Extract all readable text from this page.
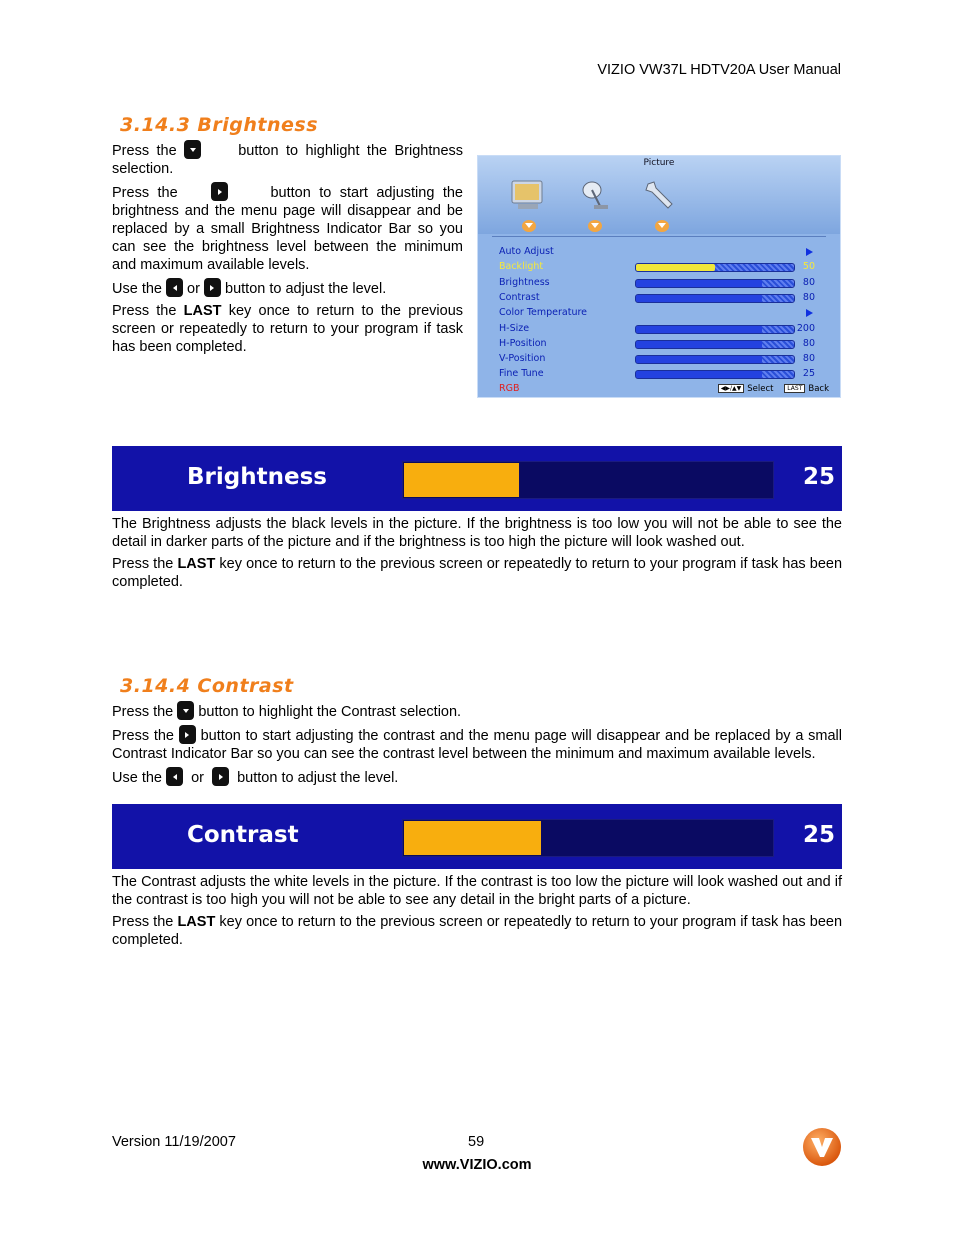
VIZIO VW37L HDTV20A User Manual
3.14.3 Brightness

Press the	button to highlight the Brightness selection.

Press the	button to start adjusting the brightness and the menu page will disappear and be replaced by a small Brightness Indicator Bar so you can see the brightness level between the minimum and maximum available levels.

Use the or button to adjust the level.

Press the LAST key once to return to the previous screen or repeatedly to return to your program if task has been completed.

Picture
Auto Adjust
Backlight	50
Brightness	80
Contrast	80
Color Temperature
H-Size	200
H-Position	80
V-Position	80
Fine Tune	25
RGB	◀▶/▲▼ Select LAST Back
Brightness	25

The Brightness adjusts the black levels in the picture. If the brightness is too low you will not be able to see the detail in darker parts of the picture and if the brightness is too high the picture will look washed out.

Press the LAST key once to return to the previous screen or repeatedly to return to your program if task has been completed.

3.14.4 Contrast

Press the button to highlight the Contrast selection.

Press the button to start adjusting the contrast and the menu page will disappear and be replaced by a small Contrast Indicator Bar so you can see the contrast level between the minimum and maximum available levels.

Use the or button to adjust the level.

Contrast	25

The Contrast adjusts the white levels in the picture. If the contrast is too low the picture will look washed out and if the contrast is too high you will not be able to see any detail in the bright parts of a picture.

Press the LAST key once to return to the previous screen or repeatedly to return to your program if task has been completed.

Version 11/19/2007	59
www.VIZIO.com
